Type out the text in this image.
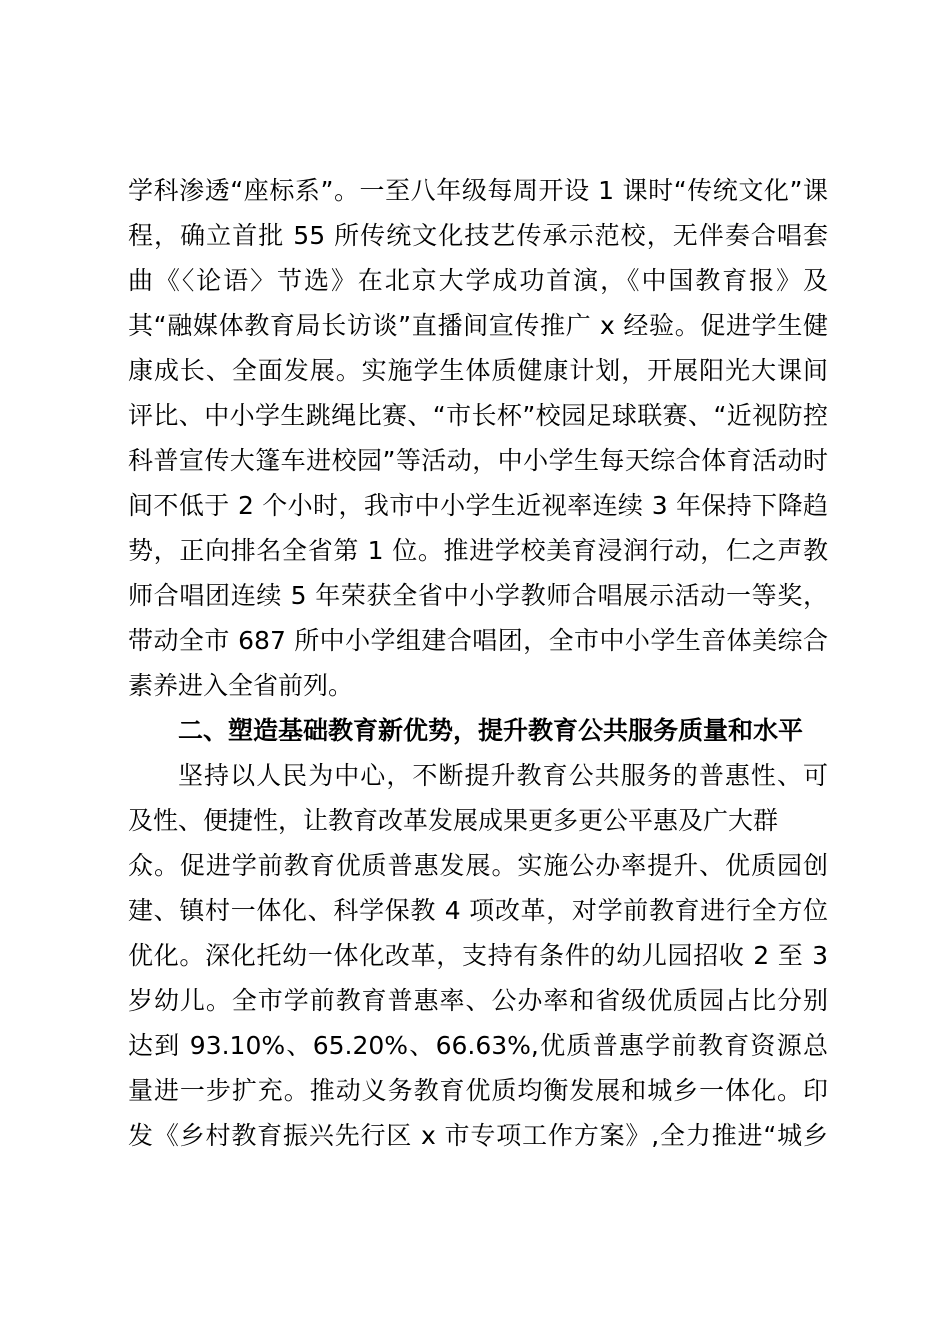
学科渗透“座标系”。一至八年级每周开设 1 课时“传统文化”课
程，确立首批 55 所传统文化技艺传承示范校，无伴奏合唱套
曲《〈论语〉节选》在北京大学成功首演，《中国教育报》及
其“融媒体教育局长访谈”直播间宣传推广 x 经验。促进学生健
康成长、全面发展。实施学生体质健康计划，开展阳光大课间
评比、中小学生跳绳比赛、“市长杯”校园足球联赛、“近视防控
科普宣传大篷车进校园”等活动，中小学生每天综合体育活动时
间不低于 2 个小时，我市中小学生近视率连续 3 年保持下降趋
势，正向排名全省第 1 位。推进学校美育浸润行动，仁之声教
师合唱团连续 5 年荣获全省中小学教师合唱展示活动一等奖，
带动全市 687 所中小学组建合唱团，全市中小学生音体美综合
素养进入全省前列。
二、塑造基础教育新优势，提升教育公共服务质量和水平
坚持以人民为中心，不断提升教育公共服务的普惠性、可
及性、便捷性，让教育改革发展成果更多更公平惠及广大群
众。促进学前教育优质普惠发展。实施公办率提升、优质园创
建、镇村一体化、科学保教 4 项改革，对学前教育进行全方位
优化。深化托幼一体化改革，支持有条件的幼儿园招收 2 至 3
岁幼儿。全市学前教育普惠率、公办率和省级优质园占比分别
达到 93.10%、65.20%、66.63%,优质普惠学前教育资源总
量进一步扩充。推动义务教育优质均衡发展和城乡一体化。印
发《乡村教育振兴先行区 x 市专项工作方案》,全力推进“城乡
